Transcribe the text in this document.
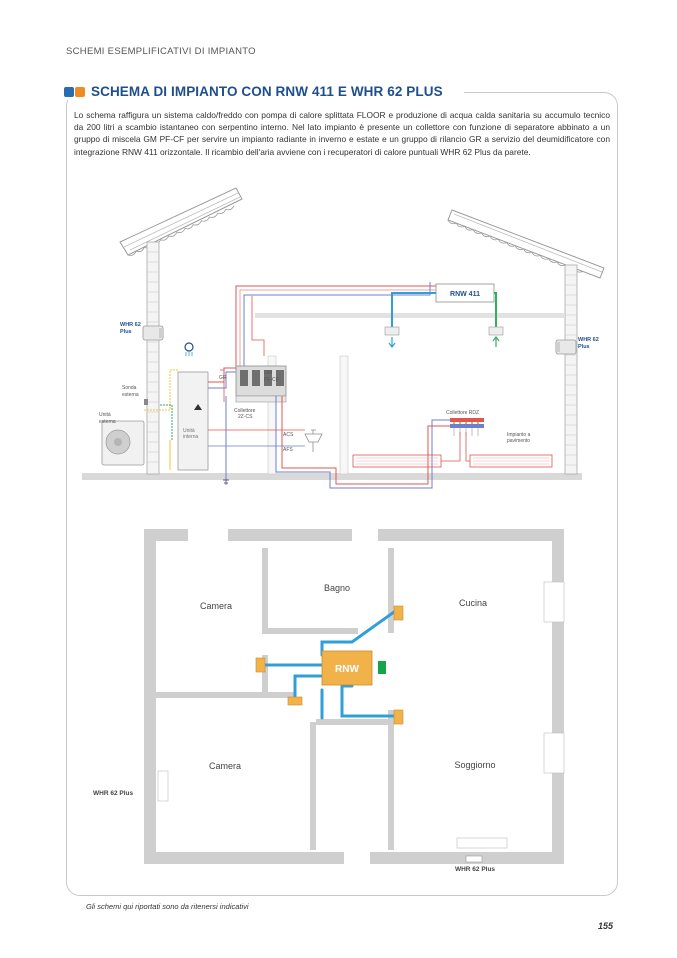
SCHEMI ESEMPLIFICATIVI DI IMPIANTO
SCHEMA DI IMPIANTO CON RNW 411 E WHR 62 PLUS
Lo schema raffigura un sistema caldo/freddo con pompa di calore splittata FLOOR e produzione di acqua calda sanitaria su accumulo tecnico da 200 litri a scambio istantaneo con serpentino interno. Nel lato impianto è presente un collettore con funzione di separatore abbinato a un gruppo di miscela GM PF-CF per servire un impianto radiante in inverno e estate e un gruppo di rilancio GR a servizio del deumidificatore con integrazione RNW 411 orizzontale. Il ricambio dell'aria avviene con i recuperatori di calore puntuali WHR 62 Plus da parete.
WHR 62
Plus
WHR 62
Plus
RNW 411
Unità
esterna
Sonda
esterna
Unità
interna
GR
GM
PF-CF
Collettore
2Z-CS
ACS
AFS
Collettore RDZ
Impianto a
pavimento
Camera
Bagno
Cucina
Camera	Soggiorno
RNW
WHR 62 Plus
WHR 62 Plus
Gli schemi qui riportati sono da ritenersi indicativi
155
